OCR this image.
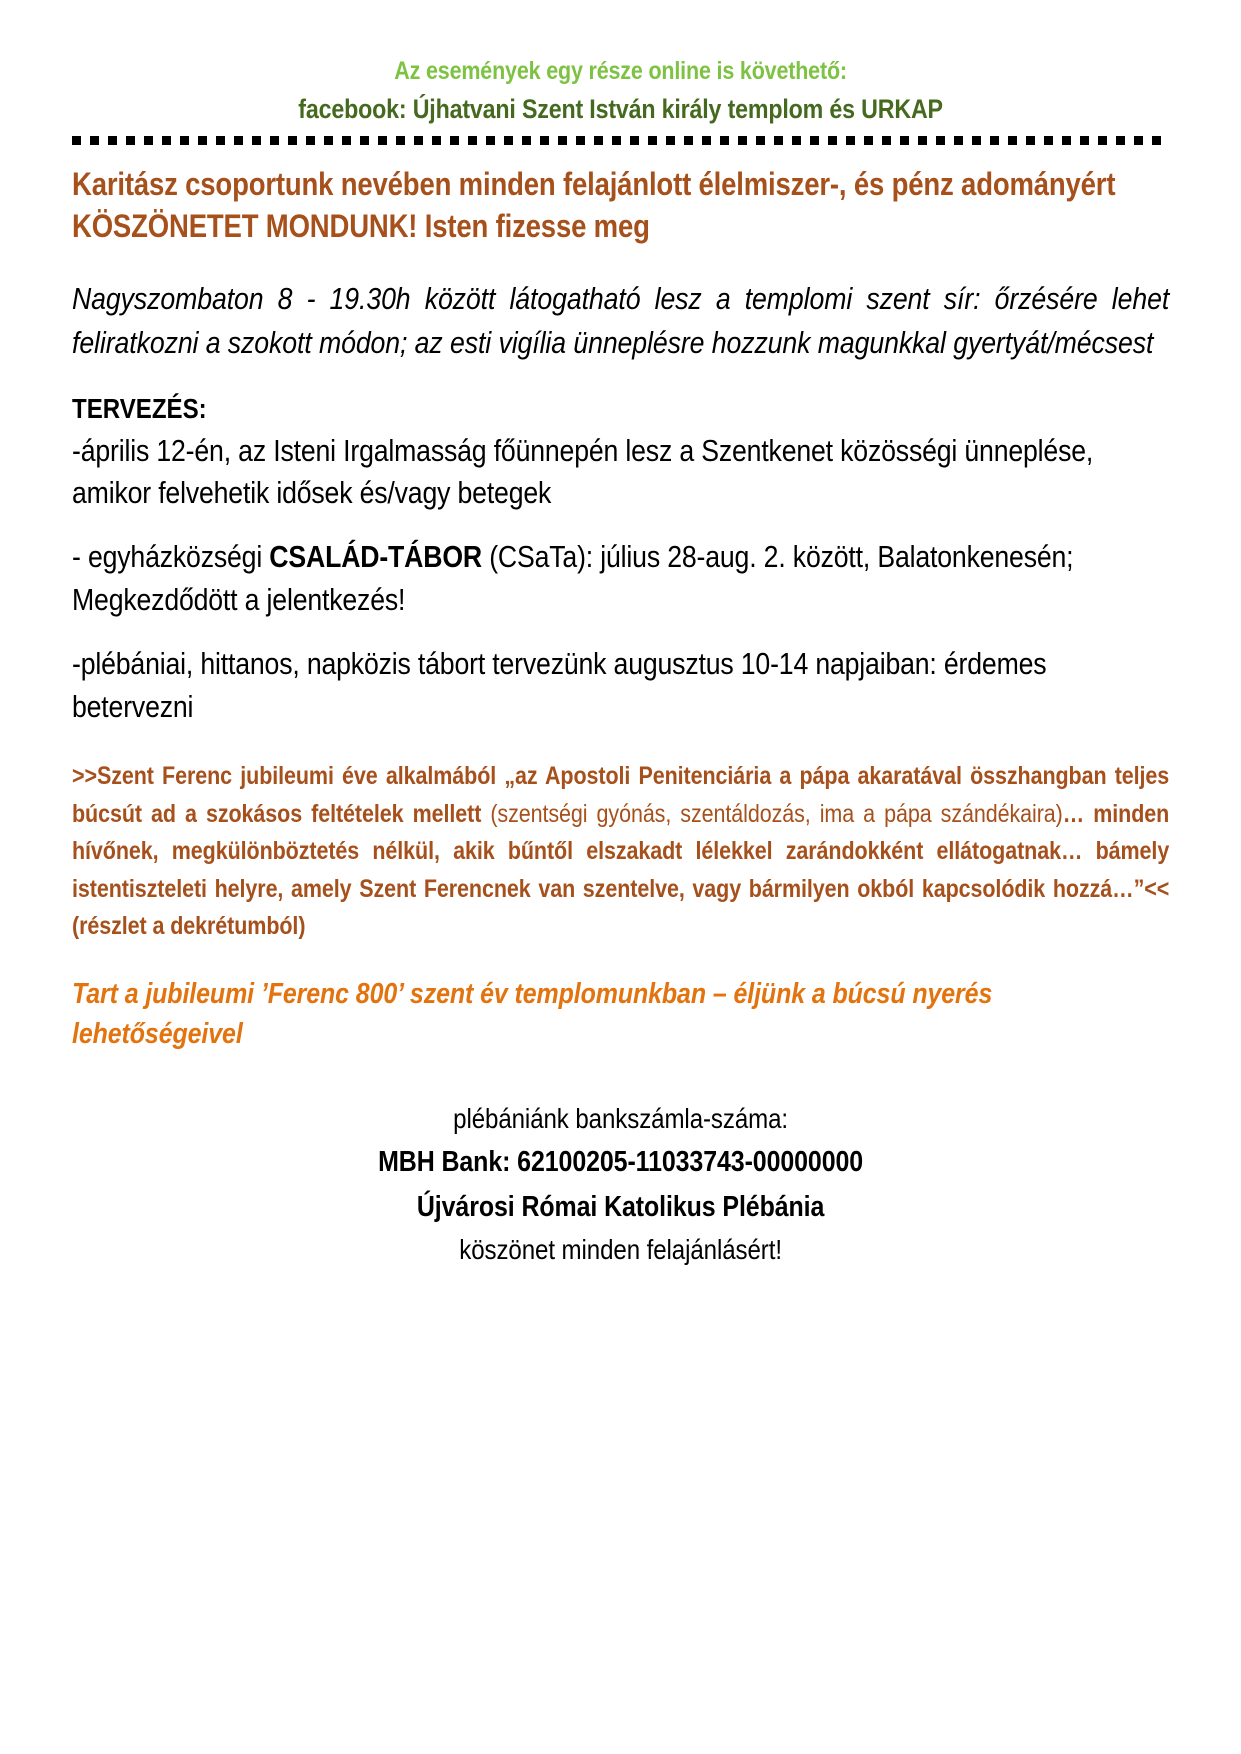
Az események egy része online is követhető:
facebook: Újhatvani Szent István király templom és URKAP

Karitász csoportunk nevében minden felajánlott élelmiszer-, és pénz adományért KÖSZÖNETET MONDUNK! Isten fizesse meg

Nagyszombaton 8 - 19.30h között látogatható lesz a templomi szent sír: őrzésére lehet feliratkozni a szokott módon; az esti vigília ünneplésre hozzunk magunkkal gyertyát/mécsest

TERVEZÉS:

-április 12-én, az Isteni Irgalmasság főünnepén lesz a Szentkenet közösségi ünneplése, amikor felvehetik idősek és/vagy betegek

- egyházközségi CSALÁD-TÁBOR (CSaTa): július 28-aug. 2. között, Balatonkenesén; Megkezdődött a jelentkezés!

-plébániai, hittanos, napközis tábort tervezünk augusztus 10-14 napjaiban: érdemes betervezni

>>Szent Ferenc jubileumi éve alkalmából „az Apostoli Penitenciária a pápa akaratával összhangban teljes búcsút ad a szokásos feltételek mellett (szentségi gyónás, szentáldozás, ima a pápa szándékaira)… minden hívőnek, megkülönböztetés nélkül, akik bűntől elszakadt lélekkel zarándokként ellátogatnak… bámely istentiszteleti helyre, amely Szent Ferencnek van szentelve, vagy bármilyen okból kapcsolódik hozzá…”<< (részlet a dekrétumból)

Tart a jubileumi ’Ferenc 800’ szent év templomunkban – éljünk a búcsú nyerés lehetőségeivel

plébániánk bankszámla-száma:
MBH Bank: 62100205-11033743-00000000
Újvárosi Római Katolikus Plébánia
köszönet minden felajánlásért!
